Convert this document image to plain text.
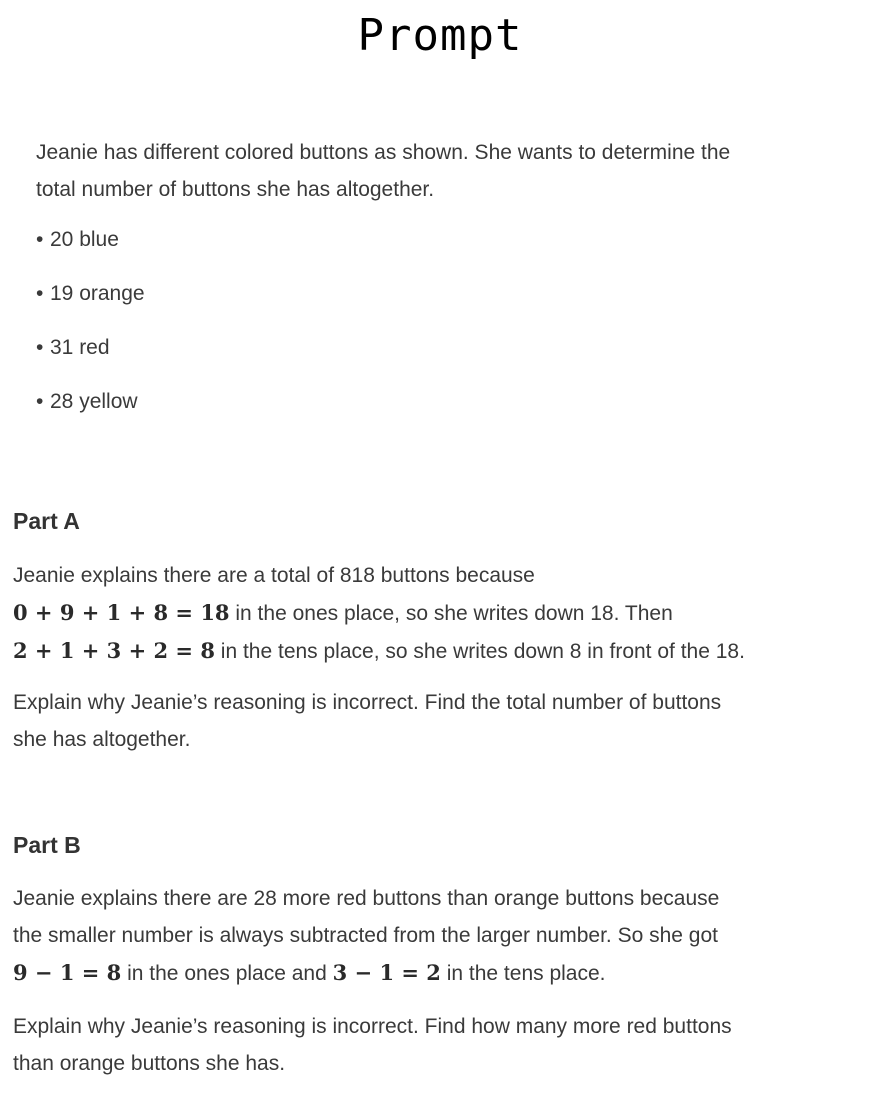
Prompt

Jeanie has different colored buttons as shown. She wants to determine the
total number of buttons she has altogether.

• 20 blue
• 19 orange
• 31 red
• 28 yellow
Part A

Jeanie explains there are a total of 818 buttons because
0 + 9 + 1 + 8 = 18 in the ones place, so she writes down 18. Then
2 + 1 + 3 + 2 = 8 in the tens place, so she writes down 8 in front of the 18.

Explain why Jeanie’s reasoning is incorrect. Find the total number of buttons
she has altogether.

Part B

Jeanie explains there are 28 more red buttons than orange buttons because
the smaller number is always subtracted from the larger number. So she got
9 − 1 = 8 in the ones place and 3 − 1 = 2 in the tens place.

Explain why Jeanie’s reasoning is incorrect. Find how many more red buttons
than orange buttons she has.
